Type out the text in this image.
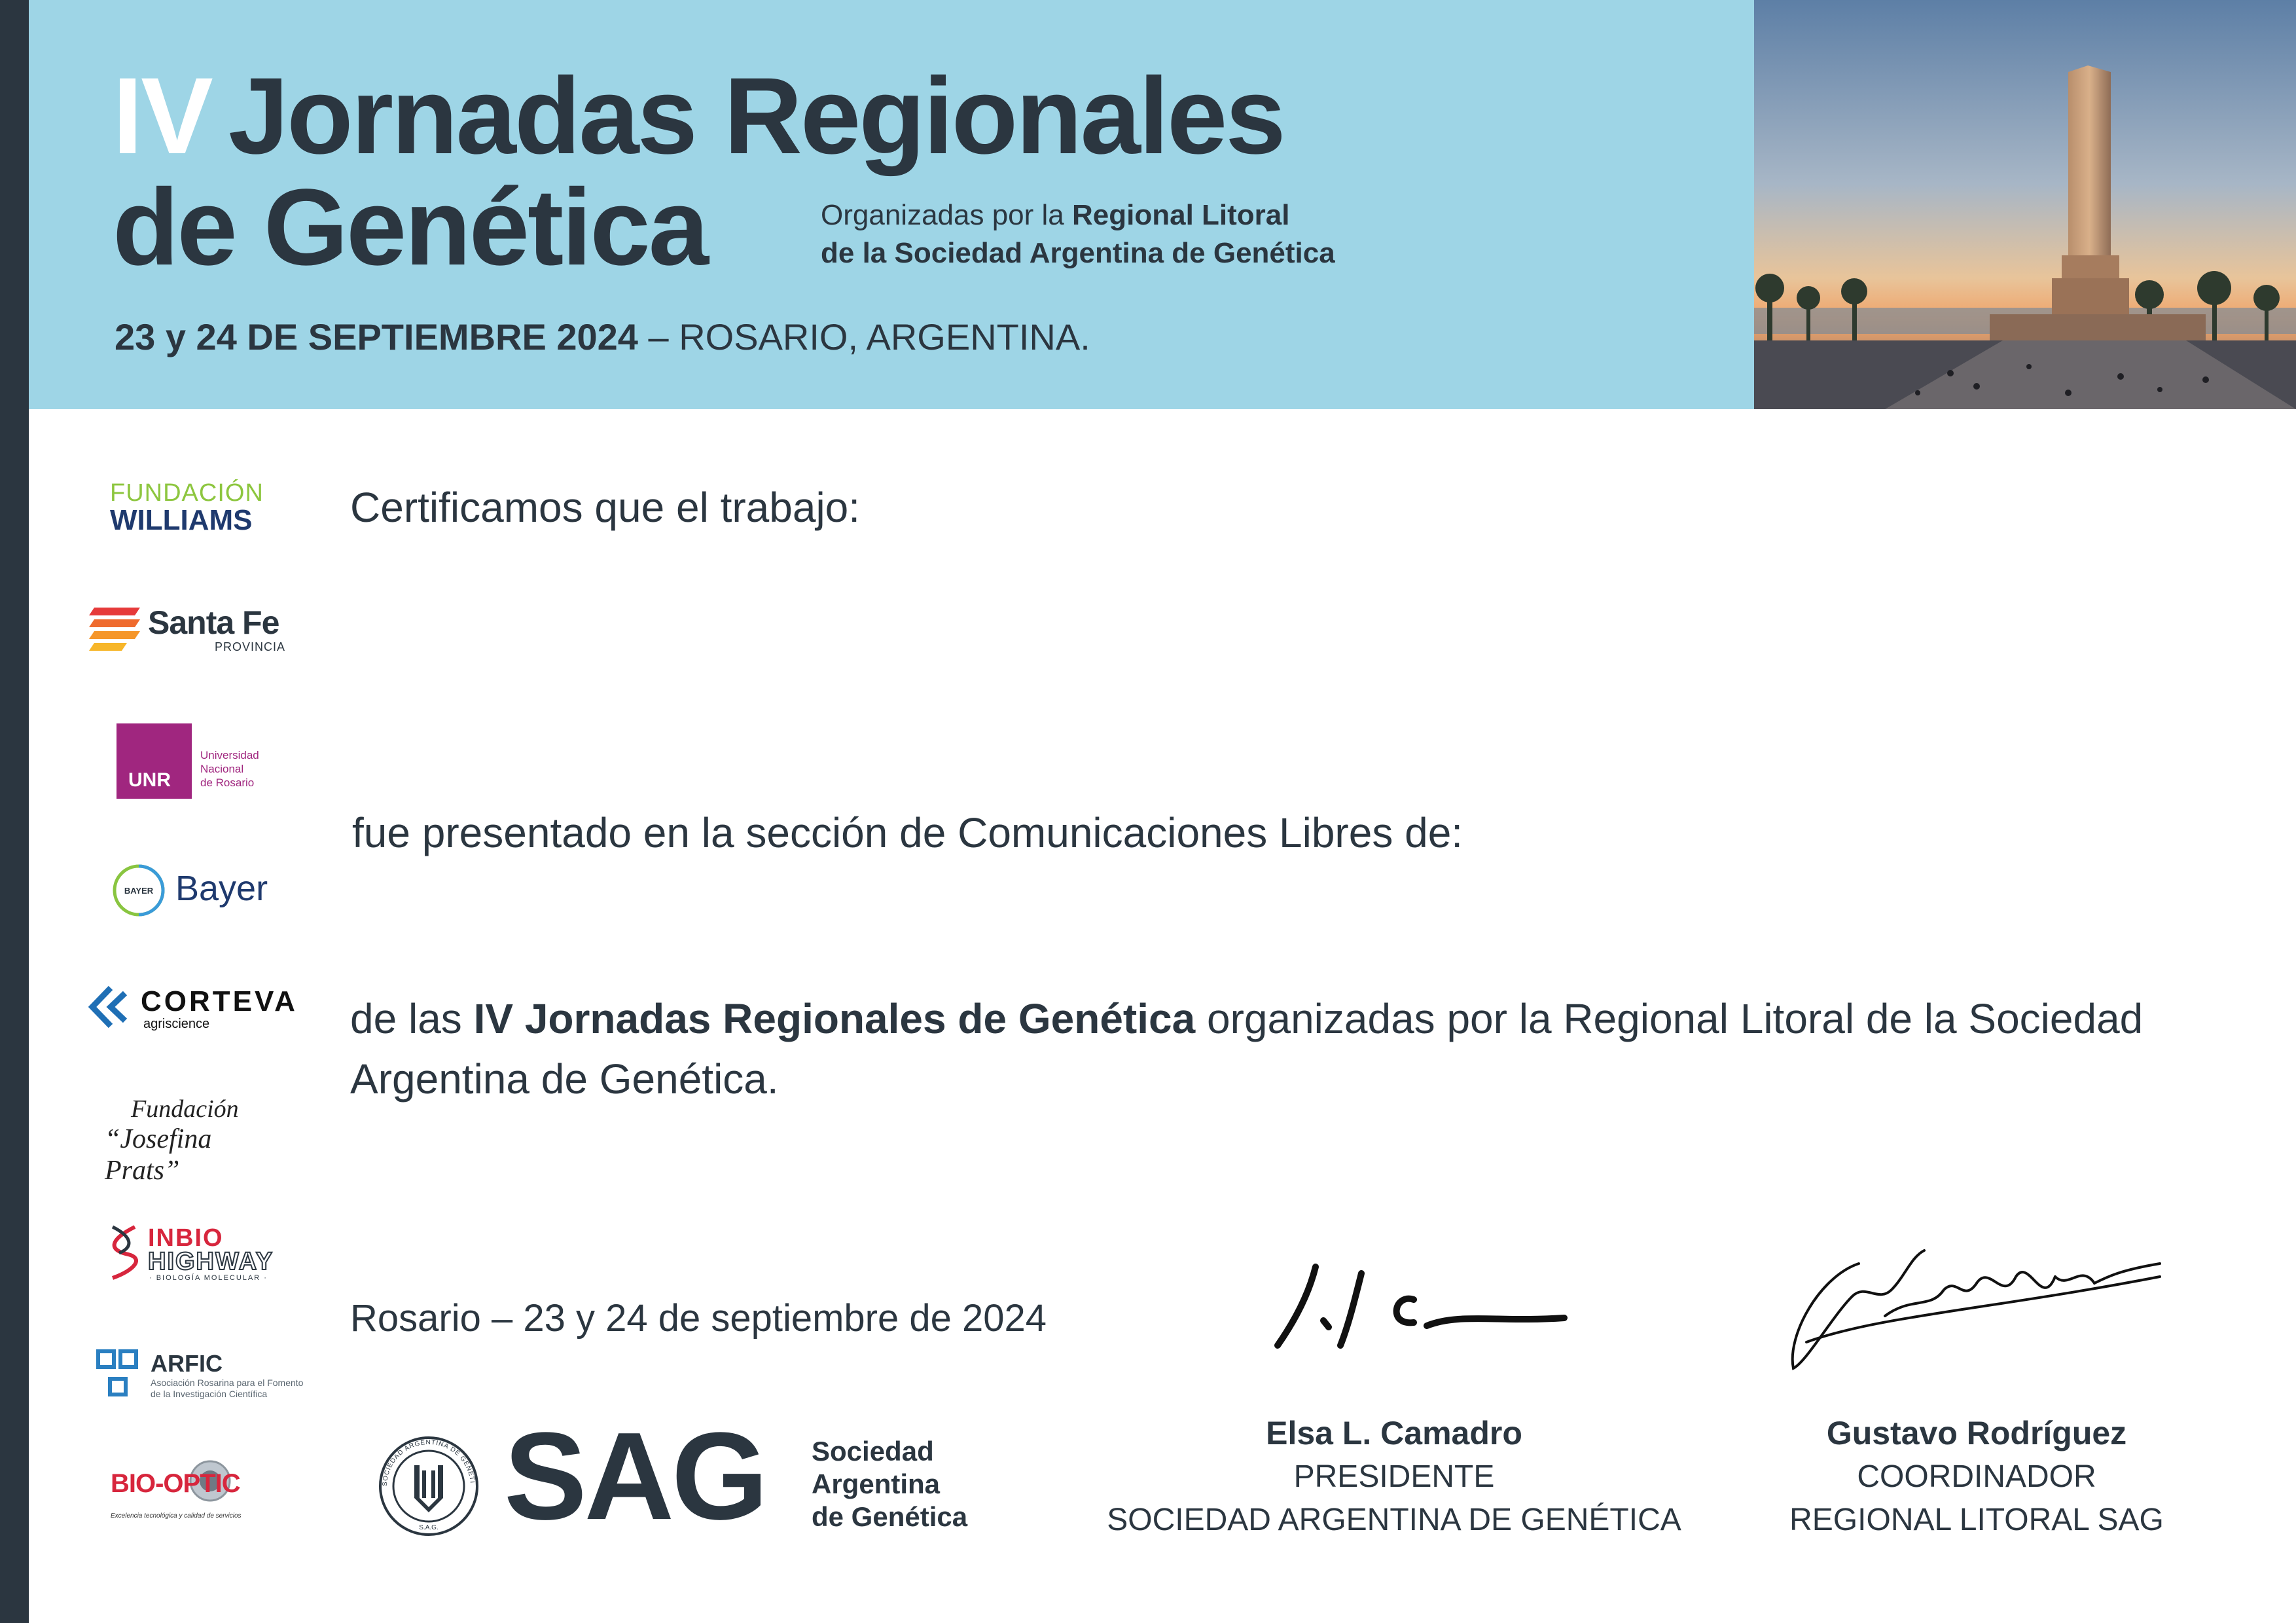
IV Jornadas Regionales
de Genética	Organizadas por la Regional Litoral
de la Sociedad Argentina de Genética
23 y 24 DE SEPTIEMBRE 2024 – ROSARIO, ARGENTINA.
FUNDACIÓN
WILLIAMS
Santa Fe
PROVINCIA
UNR
Universidad
Nacional
de Rosario
BAYER Bayer
CORTEVA
agriscience
Fundación
“Josefina Prats”
INBIO
HIGHWAY
· BIOLOGÍA MOLECULAR ·
ARFIC
Asociación Rosarina para el Fomento
de la Investigación Científica
BIO-OPTIC
Excelencia tecnológica y calidad de servicios
Certificamos que el trabajo:
fue presentado en la sección de Comunicaciones Libres de:
de las IV Jornadas Regionales de Genética organizadas por la Regional Litoral de la Sociedad Argentina de Genética.
Rosario – 23 y 24 de septiembre de 2024
SOCIEDAD ARGENTINA DE GENÉTI
S.A.G. SAG Sociedad
Argentina
de Genética
Elsa L. Camadro
PRESIDENTE
SOCIEDAD ARGENTINA DE GENÉTICA
Gustavo Rodríguez
COORDINADOR
REGIONAL LITORAL SAG
